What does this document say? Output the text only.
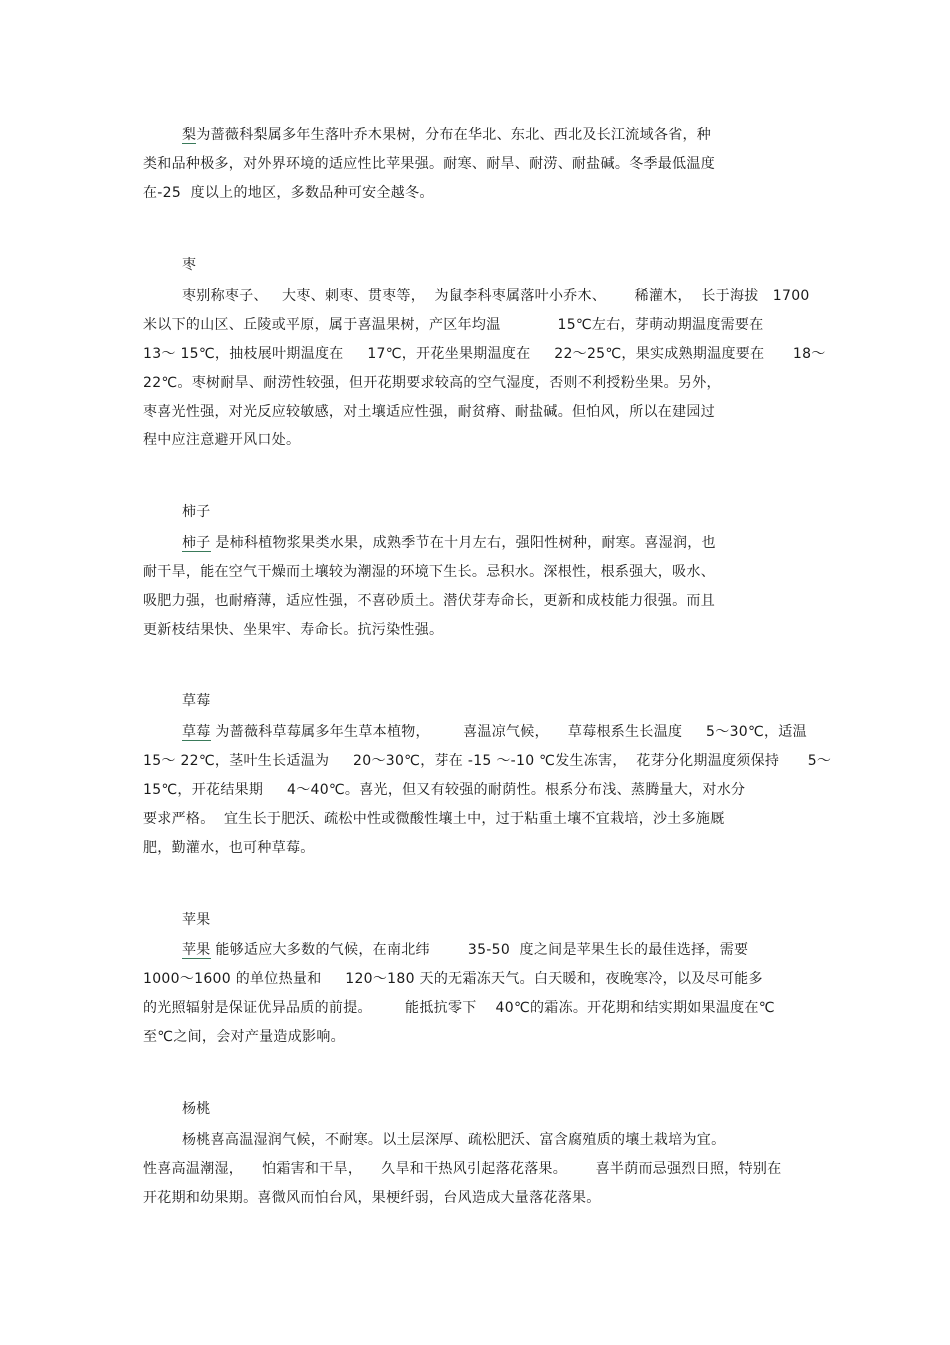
梨为蔷薇科梨属多年生落叶乔木果树，分布在华北、东北、西北及长江流域各省，种
类和品种极多，对外界环境的适应性比苹果强。耐寒、耐旱、耐涝、耐盐碱。冬季最低温度
在-25  度以上的地区，多数品种可安全越冬。
枣
枣别称枣子、   大枣、刺枣、贯枣等，  为鼠李科枣属落叶小乔木、      稀灌木，  长于海拔   1700
米以下的山区、丘陵或平原，属于喜温果树，产区年均温            15℃左右，芽萌动期温度需要在
13～ 15℃，抽枝展叶期温度在     17℃，开花坐果期温度在     22～25℃，果实成熟期温度要在      18～
22℃。枣树耐旱、耐涝性较强，但开花期要求较高的空气湿度，否则不利授粉坐果。另外，
枣喜光性强，对光反应较敏感，对土壤适应性强，耐贫瘠、耐盐碱。但怕风，所以在建园过
程中应注意避开风口处。
柿子
柿子 是柿科植物浆果类水果，成熟季节在十月左右，强阳性树种，耐寒。喜湿润，也
耐干旱，能在空气干燥而土壤较为潮湿的环境下生长。忌积水。深根性，根系强大，吸水、
吸肥力强，也耐瘠薄，适应性强，不喜砂质土。潜伏芽寿命长，更新和成枝能力很强。而且
更新枝结果快、坐果牢、寿命长。抗污染性强。
草莓
草莓 为蔷薇科草莓属多年生草本植物，       喜温凉气候，    草莓根系生长温度     5～30℃，适温
15～ 22℃，茎叶生长适温为     20～30℃，芽在 -15 ～-10 ℃发生冻害，  花芽分化期温度须保持      5～
15℃，开花结果期     4～40℃。喜光，但又有较强的耐荫性。根系分布浅、蒸腾量大，对水分
要求严格。  宜生长于肥沃、疏松中性或微酸性壤土中，过于粘重土壤不宜栽培，沙土多施厩
肥，勤灌水，也可种草莓。
苹果
苹果 能够适应大多数的气候，在南北纬        35-50  度之间是苹果生长的最佳选择，需要
1000～1600 的单位热量和     120～180 天的无霜冻天气。白天暖和，夜晚寒冷，以及尽可能多
的光照辐射是保证优异品质的前提。       能抵抗零下    40℃的霜冻。开花期和结实期如果温度在℃
至℃之间，会对产量造成影响。
杨桃
杨桃喜高温湿润气候，不耐寒。以土层深厚、疏松肥沃、富含腐殖质的壤土栽培为宜。
性喜高温潮湿，    怕霜害和干旱，    久旱和干热风引起落花落果。      喜半荫而忌强烈日照，特别在
开花期和幼果期。喜微风而怕台风，果梗纤弱，台风造成大量落花落果。
